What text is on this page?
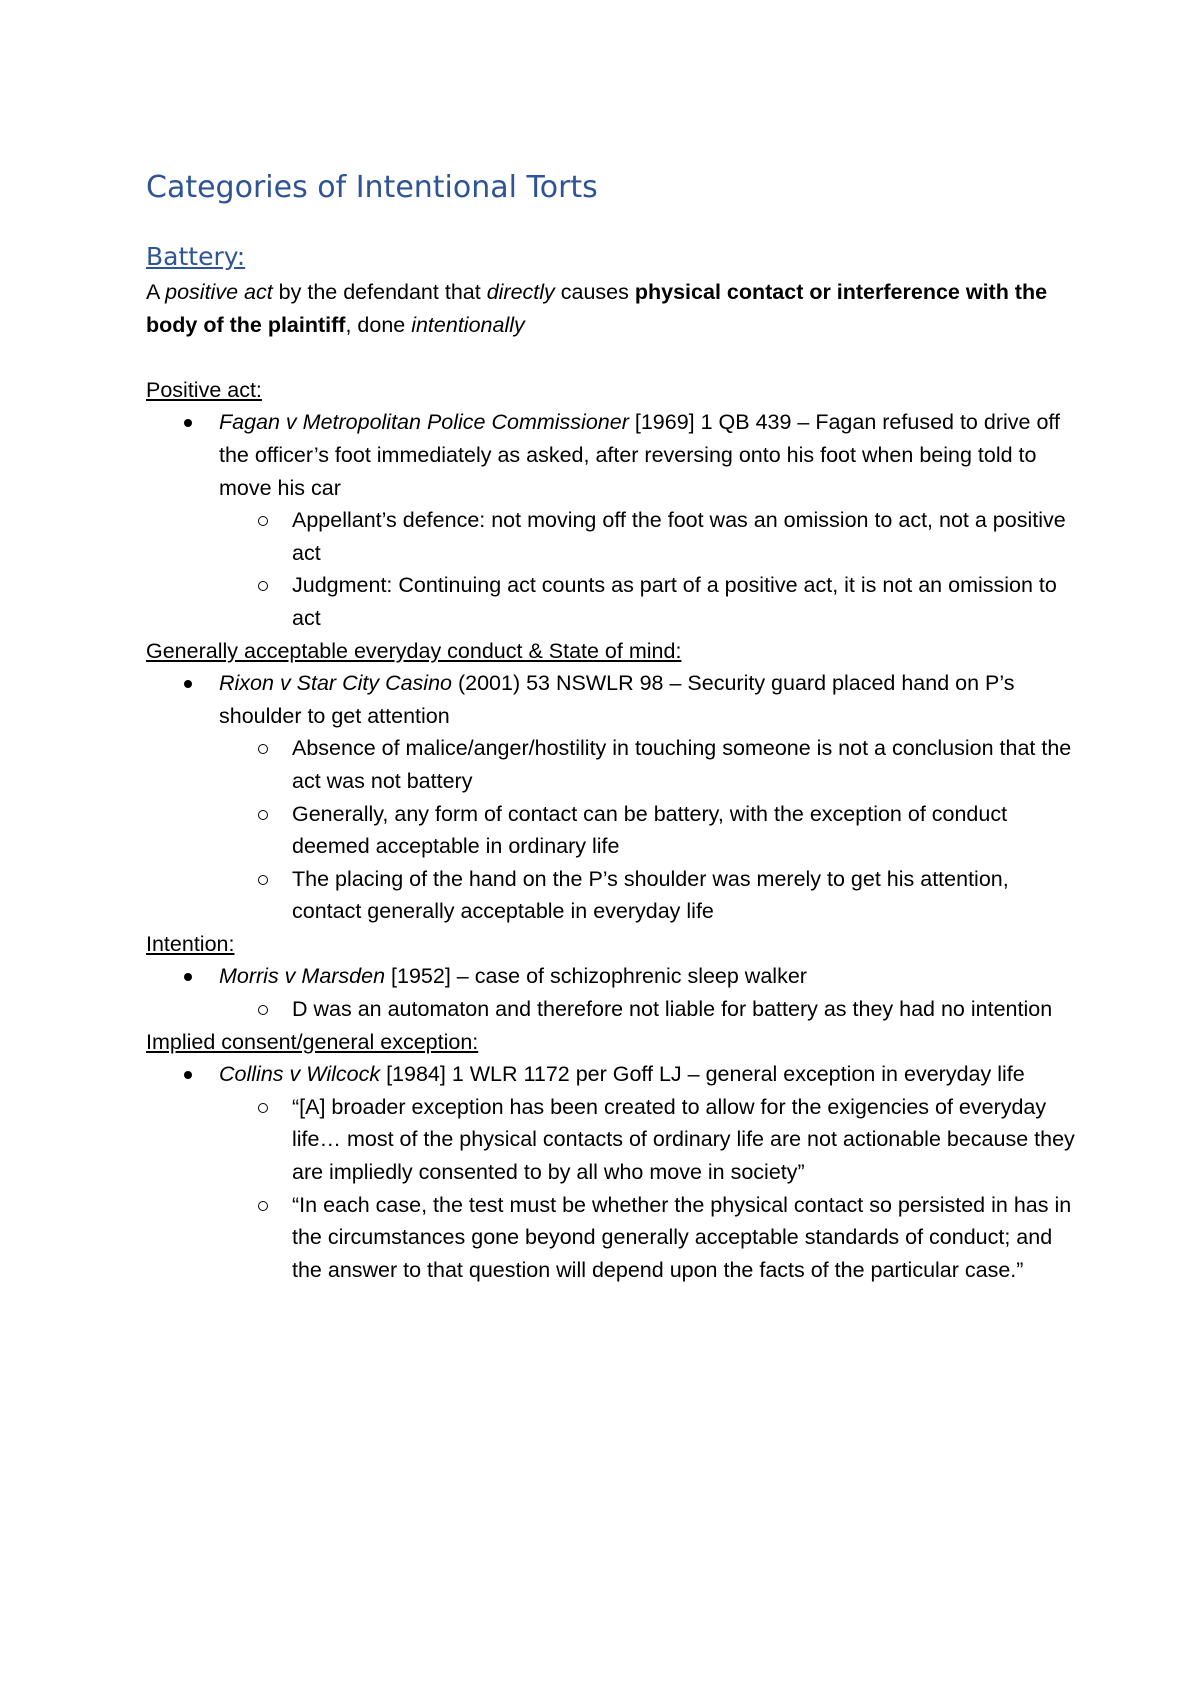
Categories of Intentional Torts
Battery:

A positive act by the defendant that directly causes physical contact or interference with the body of the plaintiff, done intentionally

Positive act:

Fagan v Metropolitan Police Commissioner [1969] 1 QB 439 – Fagan refused to drive off the officer’s foot immediately as asked, after reversing onto his foot when being told to move his car
Appellant’s defence: not moving off the foot was an omission to act, not a positive act
Judgment: Continuing act counts as part of a positive act, it is not an omission to act

Generally acceptable everyday conduct & State of mind:

Rixon v Star City Casino (2001) 53 NSWLR 98 – Security guard placed hand on P’s shoulder to get attention
Absence of malice/anger/hostility in touching someone is not a conclusion that the act was not battery
Generally, any form of contact can be battery, with the exception of conduct deemed acceptable in ordinary life
The placing of the hand on the P’s shoulder was merely to get his attention, contact generally acceptable in everyday life

Intention:

Morris v Marsden [1952] – case of schizophrenic sleep walker
D was an automaton and therefore not liable for battery as they had no intention

Implied consent/general exception:

Collins v Wilcock [1984] 1 WLR 1172 per Goff LJ – general exception in everyday life
“[A] broader exception has been created to allow for the exigencies of everyday life… most of the physical contacts of ordinary life are not actionable because they are impliedly consented to by all who move in society”
“In each case, the test must be whether the physical contact so persisted in has in the circumstances gone beyond generally acceptable standards of conduct; and the answer to that question will depend upon the facts of the particular case.”
